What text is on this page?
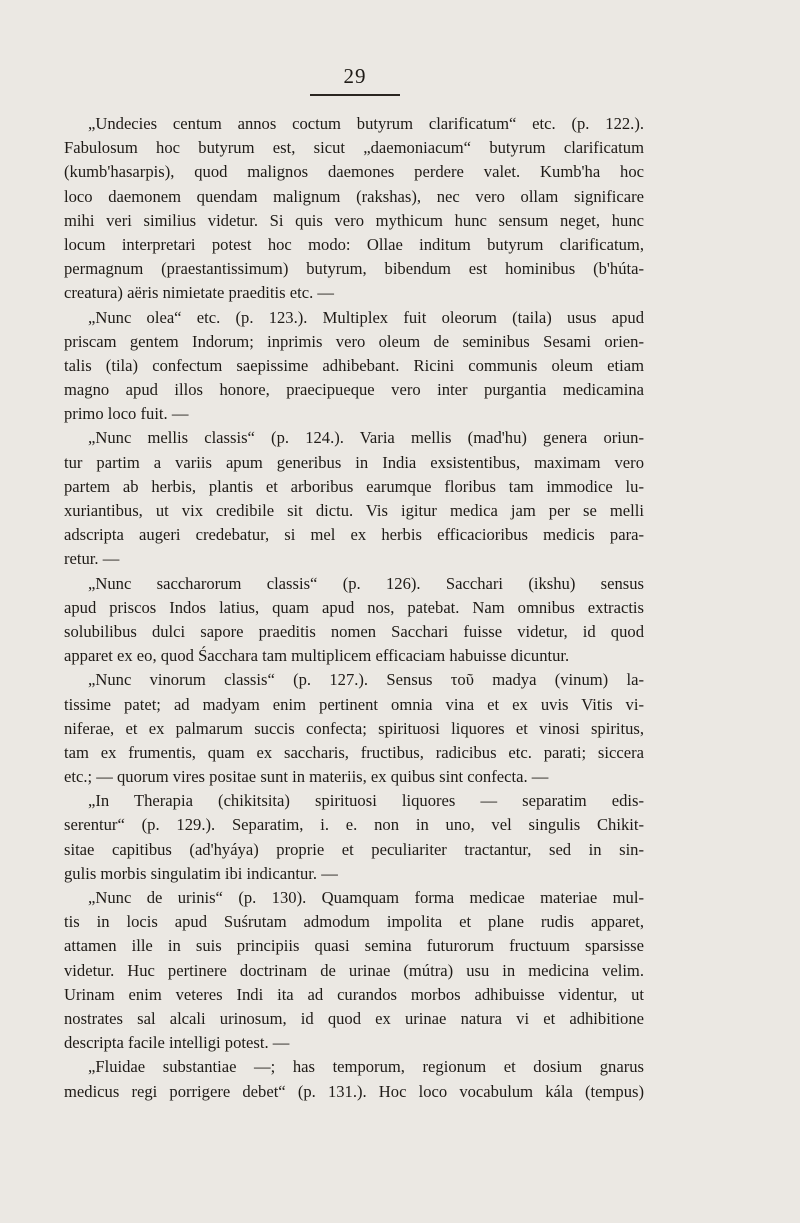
29
„Undecies centum annos coctum butyrum clarificatum“ etc. (p. 122.).
Fabulosum hoc butyrum est, sicut „daemoniacum“ butyrum clarificatum
(kumb'hasarpis), quod malignos daemones perdere valet. Kumb'ha hoc
loco daemonem quendam malignum (rakshas), nec vero ollam significare
mihi veri similius videtur. Si quis vero mythicum hunc sensum neget, hunc
locum interpretari potest hoc modo: Ollae inditum butyrum clarificatum,
permagnum (praestantissimum) butyrum, bibendum est hominibus (b'húta-
creatura) aëris nimietate praeditis etc. —
„Nunc olea“ etc. (p. 123.). Multiplex fuit oleorum (taila) usus apud
priscam gentem Indorum; inprimis vero oleum de seminibus Sesami orien-
talis (tila) confectum saepissime adhibebant. Ricini communis oleum etiam
magno apud illos honore, praecipueque vero inter purgantia medicamina
primo loco fuit. —
„Nunc mellis classis“ (p. 124.). Varia mellis (mad'hu) genera oriun-
tur partim a variis apum generibus in India exsistentibus, maximam vero
partem ab herbis, plantis et arboribus earumque floribus tam immodice lu-
xuriantibus, ut vix credibile sit dictu. Vis igitur medica jam per se melli
adscripta augeri credebatur, si mel ex herbis efficacioribus medicis para-
retur. —
„Nunc saccharorum classis“ (p. 126). Sacchari (ikshu) sensus
apud priscos Indos latius, quam apud nos, patebat. Nam omnibus extractis
solubilibus dulci sapore praeditis nomen Sacchari fuisse videtur, id quod
apparet ex eo, quod Śacchara tam multiplicem efficaciam habuisse dicuntur.
„Nunc vinorum classis“ (p. 127.). Sensus τοῦ madya (vinum) la-
tissime patet; ad madyam enim pertinent omnia vina et ex uvis Vitis vi-
niferae, et ex palmarum succis confecta; spirituosi liquores et vinosi spiritus,
tam ex frumentis, quam ex saccharis, fructibus, radicibus etc. parati; siccera
etc.; — quorum vires positae sunt in materiis, ex quibus sint confecta. —
„In Therapia (chikitsita) spirituosi liquores — separatim edis-
serentur“ (p. 129.). Separatim, i. e. non in uno, vel singulis Chikit-
sitae capitibus (ad'hyáya) proprie et peculiariter tractantur, sed in sin-
gulis morbis singulatim ibi indicantur. —
„Nunc de urinis“ (p. 130). Quamquam forma medicae materiae mul-
tis in locis apud Suśrutam admodum impolita et plane rudis apparet,
attamen ille in suis principiis quasi semina futurorum fructuum sparsisse
videtur. Huc pertinere doctrinam de urinae (mútra) usu in medicina velim.
Urinam enim veteres Indi ita ad curandos morbos adhibuisse videntur, ut
nostrates sal alcali urinosum, id quod ex urinae natura vi et adhibitione
descripta facile intelligi potest. —
„Fluidae substantiae —; has temporum, regionum et dosium gnarus
medicus regi porrigere debet“ (p. 131.). Hoc loco vocabulum kála (tempus)
